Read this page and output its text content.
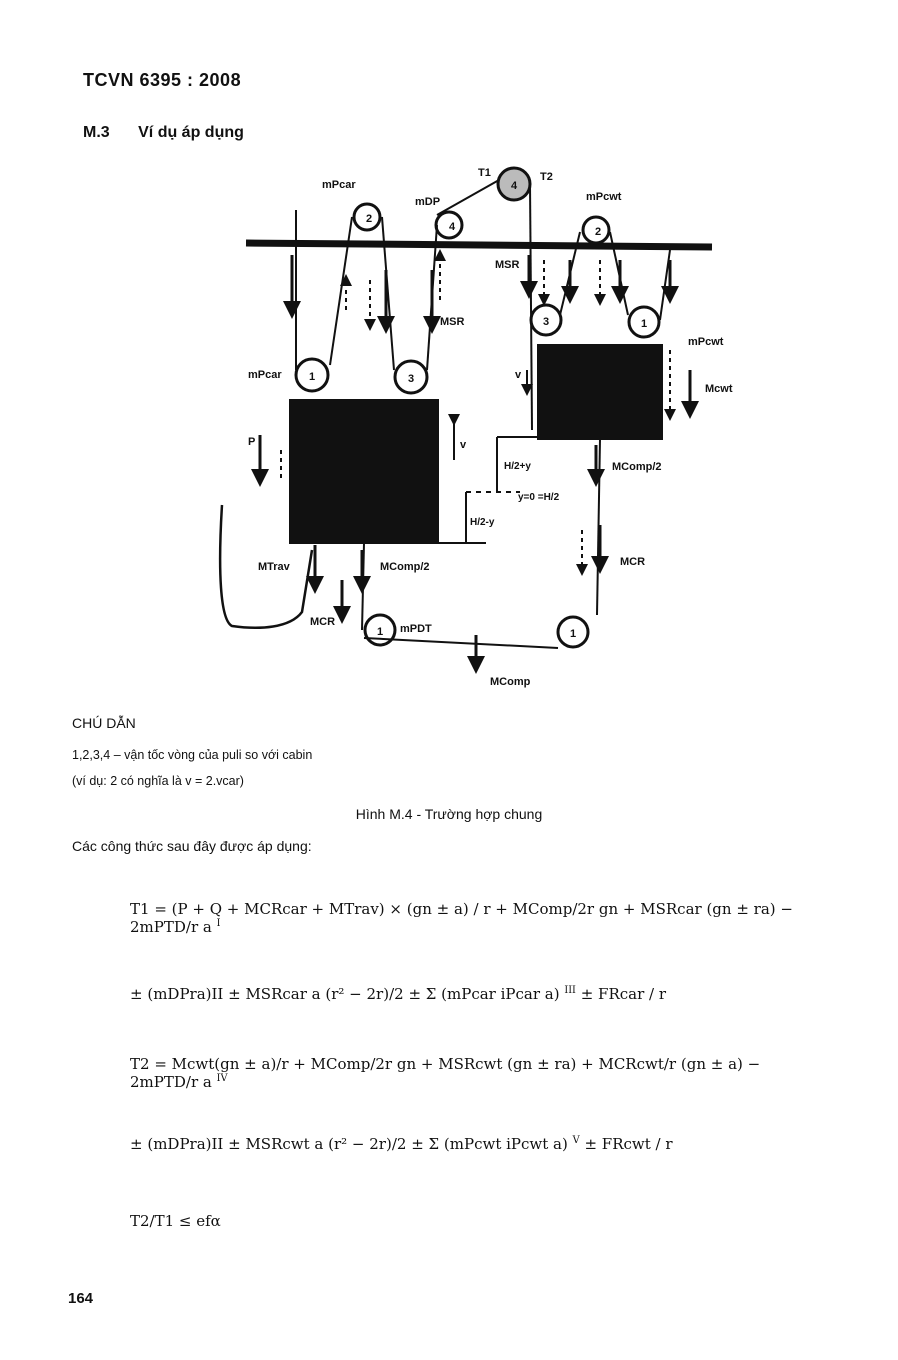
TCVN 6395 : 2008
M.3 Ví dụ áp dụng
2
4
4
2
1	3
3	1
1	1
mPcar
mDP
T1	T2
mPcwt
MSR
MSR
mPcar
mPcwt
Mcwt
P	v
v
H/2+y
y=0 =H/2
H/2-y
MComp/2
MComp/2
MTrav
MCR
MCR
mPDT
MComp
CHÚ DẪN
1,2,3,4 – vận tốc vòng của puli so với cabin
(ví dụ: 2 có nghĩa là v = 2.vcar)
Hình M.4 - Trường hợp chung
Các công thức sau đây được áp dụng:
T1 = (P + Q + MCRcar + MTrav) × (gn ± a) / r + MComp/2r gn + MSRcar (gn ± ra) − 2mPTD/r a $^I$
± (mDPra)II ± MSRcar a (r² − 2r)/2 ± Σ (mPcar iPcar a) $^{III}$ ± FRcar / r
T2 = Mcwt(gn ± a)/r + MComp/2r gn + MSRcwt (gn ± ra) + MCRcwt/r (gn ± a) − 2mPTD/r a $^{IV}$
± (mDPra)II ± MSRcwt a (r² − 2r)/2 ± Σ (mPcwt iPcwt a) $^V$ ± FRcwt / r
T2/T1 ≤ efα
164
